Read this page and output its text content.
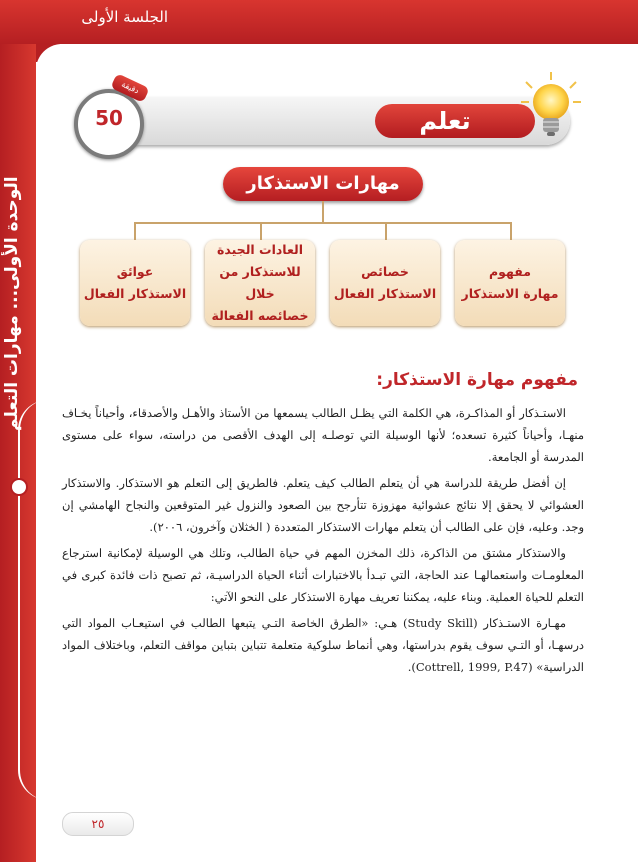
الجلسة الأولى
الوحدة الأولى... مهارات التعلم
تعلم
دقيقة
50
مهارات الاستذكار
مفهوم
مهارة الاستذكار
خصائص
الاستذكار الفعال
العادات الجيدة
للاستذكار من خلال
خصائصه الفعالة
عوائق
الاستذكار الفعال
مفهوم مهارة الاستذكار:

الاستـذكار أو المذاكـرة، هي الكلمة التي يظـل الطالب يسمعها من الأستاذ والأهـل والأصدقاء، وأحياناً يخـاف منهـا، وأحياناً كثيرة تسعده؛ لأنها الوسيلة التي توصلـه إلى الهدف الأقصى من دراسته، سواء على مستوى المدرسة أو الجامعة.

إن أفضل طريقة للدراسة هي أن يتعلم الطالب كيف يتعلم. فالطريق إلى التعلم هو الاستذكار. والاستذكار العشوائي لا يحقق إلا نتائج عشوائية مهزوزة تتأرجح بين الصعود والنزول غير المتوقعين والنجاح الهامشي إن وجد. وعليه، فإن على الطالب أن يتعلم مهارات الاستذكار المتعددة ( الخثلان وآخرون، ٢٠٠٦).

والاستذكار مشتق من الذاكرة، ذلك المخزن المهم في حياة الطالب، وتلك هي الوسيلة لإمكانية استرجاع المعلومـات واستعمالهـا عند الحاجة، التي تبـدأ بالاختبارات أثناء الحياة الدراسيـة، ثم تصبح ذات فائدة كبرى في التعلم للحياة العملية. وبناء عليه، يمكننا تعريف مهارة الاستذكار على النحو الآتي:

مهـارة الاستـذكار (Study Skill) هـي: «الطرق الخاصة التـي يتبعها الطالب في استيعـاب المواد التي درسهـا، أو التـي سوف يقوم بدراستها، وهي أنماط سلوكية متعلمة تتباين بتباين مواقف التعلم، وباختلاف المواد الدراسية» (Cottrell, 1999, P.47).

٢٥
